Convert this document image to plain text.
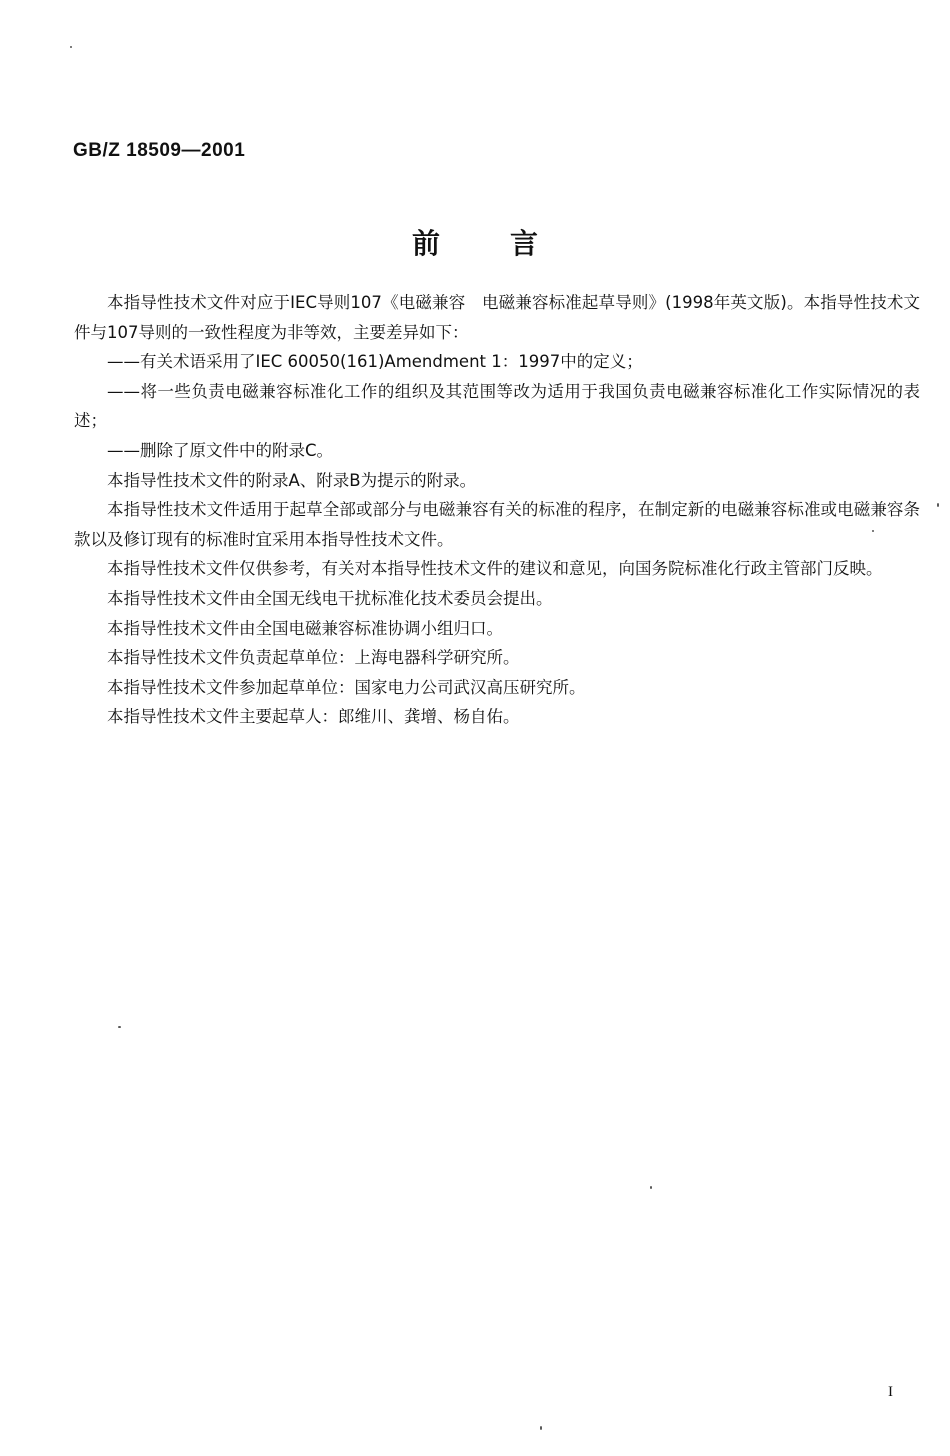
GB/Z 18509—2001
前言

本指导性技术文件对应于IEC导则107《电磁兼容　电磁兼容标准起草导则》(1998年英文版)。本指导性技术文件与107导则的一致性程度为非等效，主要差异如下：

——有关术语采用了IEC 60050(161)Amendment 1：1997中的定义；

——将一些负责电磁兼容标准化工作的组织及其范围等改为适用于我国负责电磁兼容标准化工作实际情况的表述；

——删除了原文件中的附录C。

本指导性技术文件的附录A、附录B为提示的附录。

本指导性技术文件适用于起草全部或部分与电磁兼容有关的标准的程序，在制定新的电磁兼容标准或电磁兼容条款以及修订现有的标准时宜采用本指导性技术文件。

本指导性技术文件仅供参考，有关对本指导性技术文件的建议和意见，向国务院标准化行政主管部门反映。

本指导性技术文件由全国无线电干扰标准化技术委员会提出。

本指导性技术文件由全国电磁兼容标准协调小组归口。

本指导性技术文件负责起草单位：上海电器科学研究所。

本指导性技术文件参加起草单位：国家电力公司武汉高压研究所。

本指导性技术文件主要起草人：郎维川、龚增、杨自佑。

I
